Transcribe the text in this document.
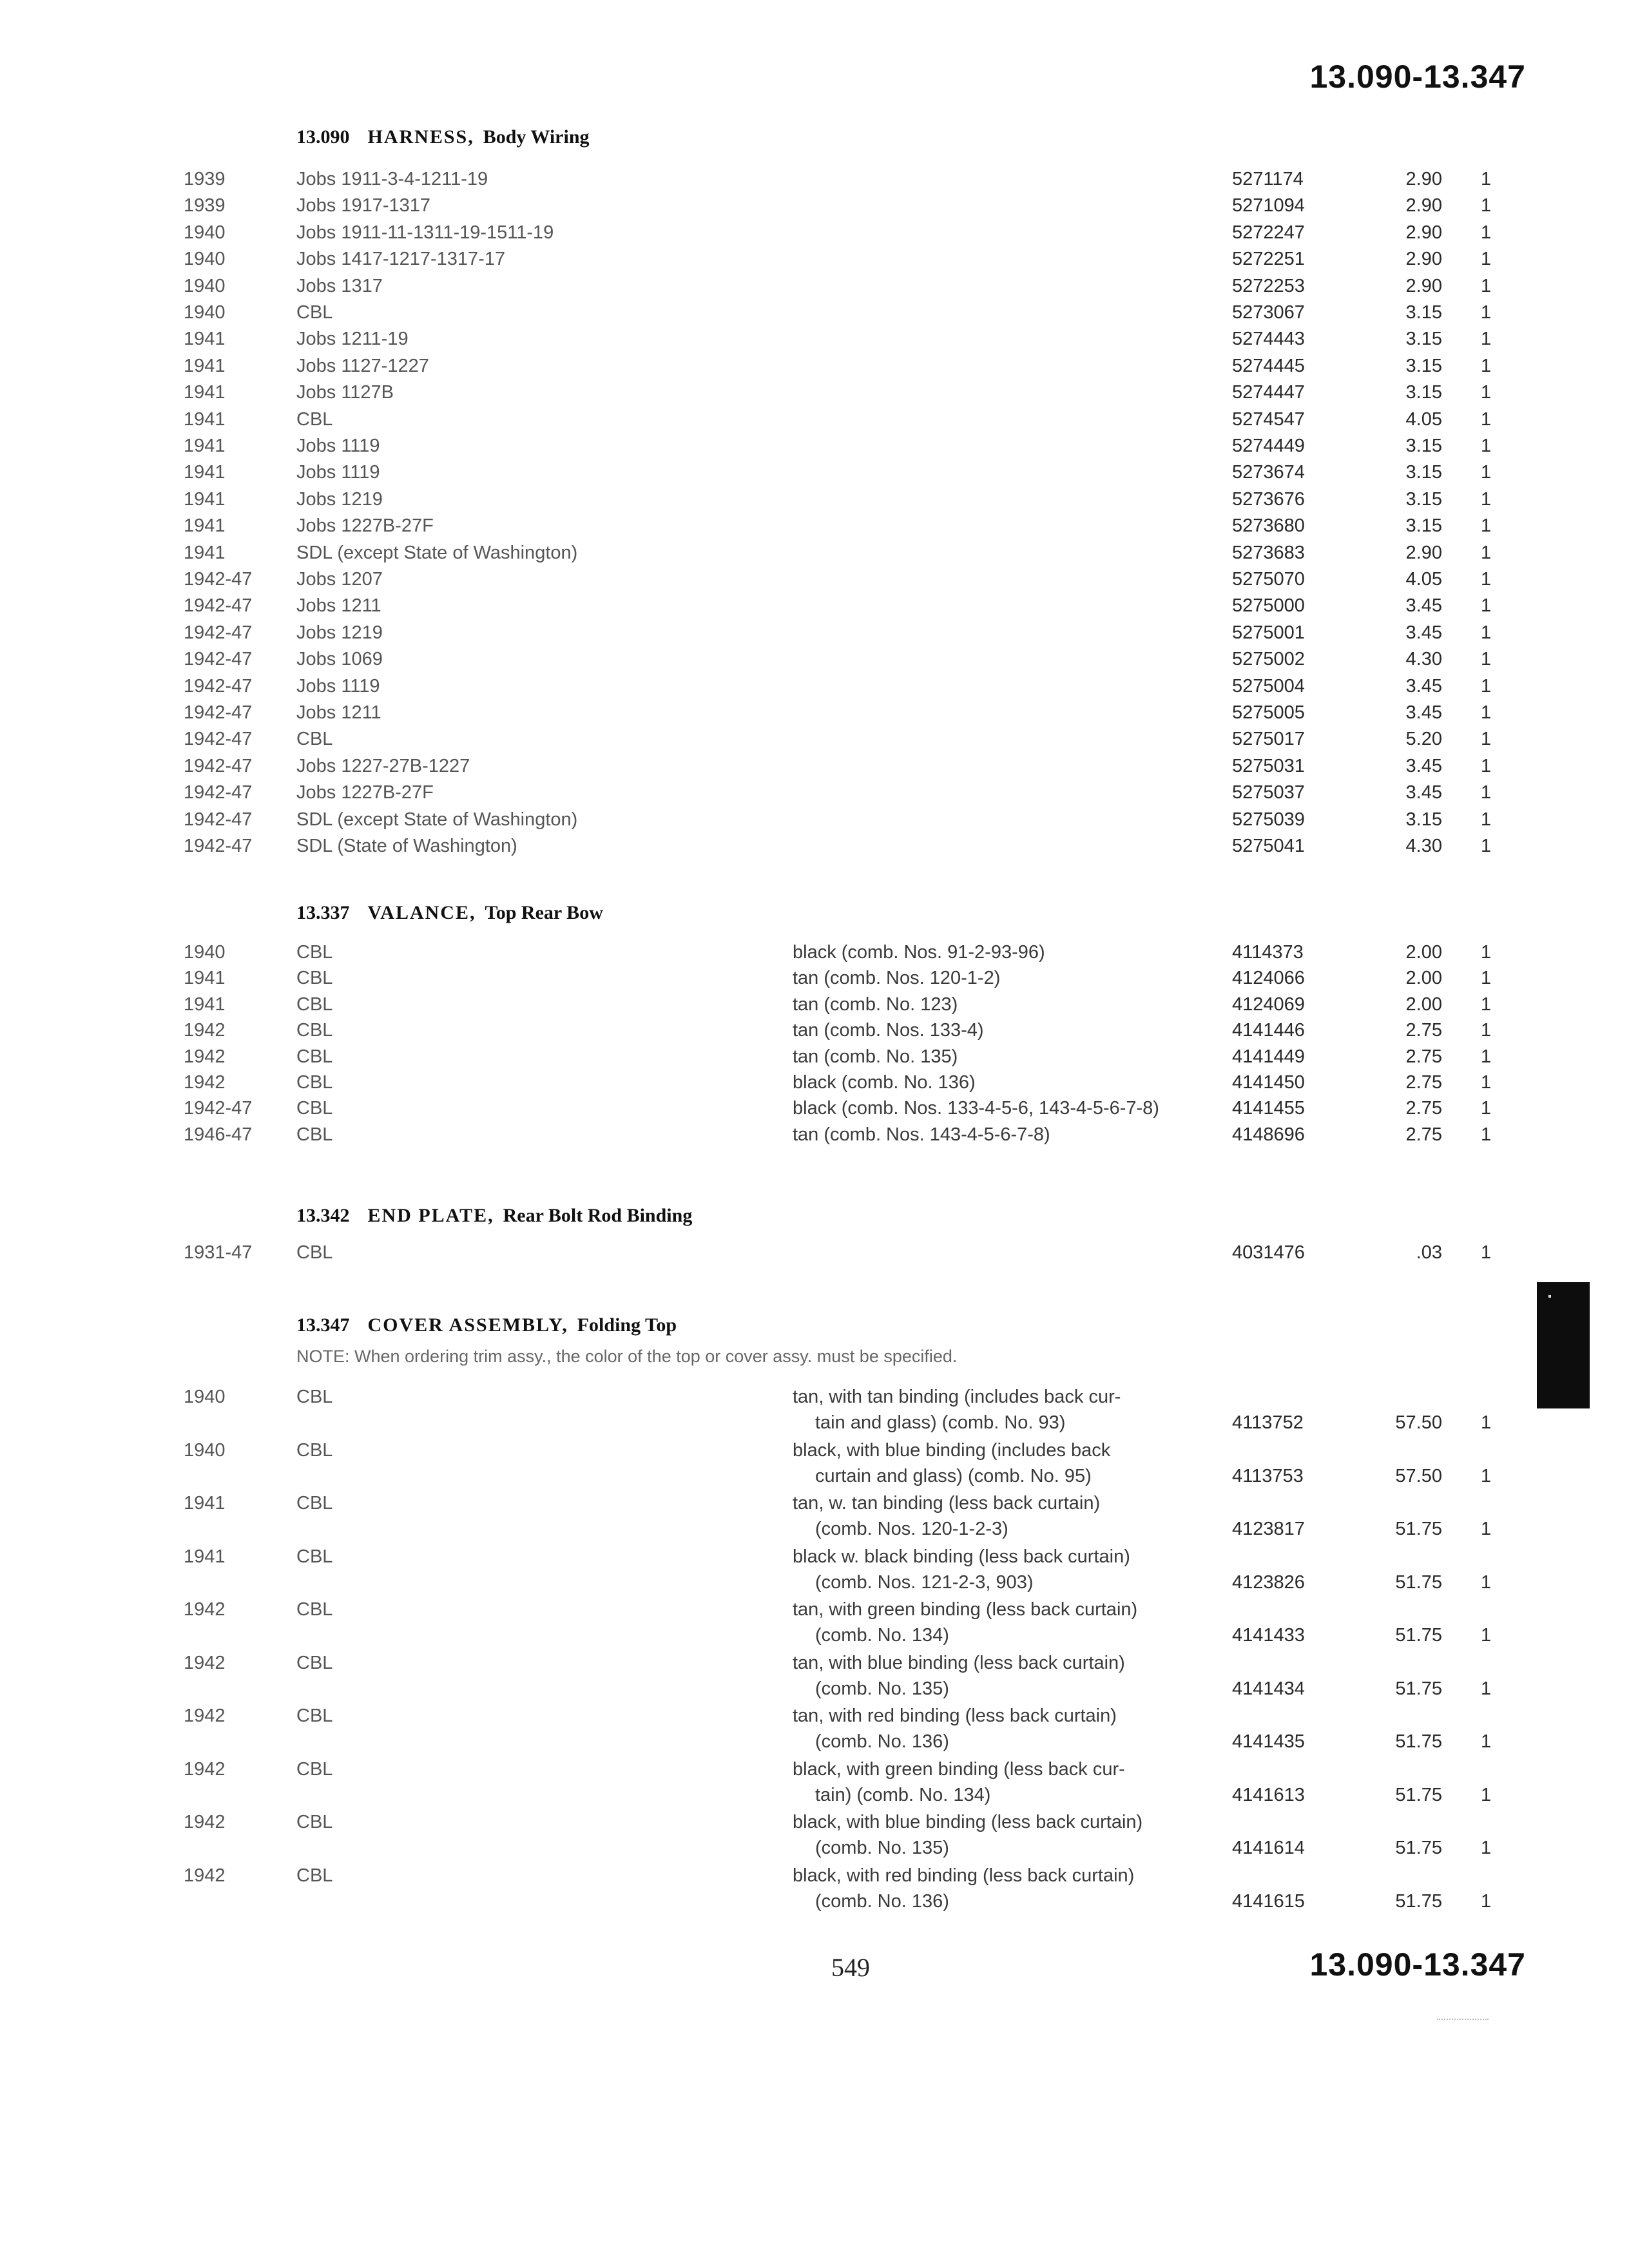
13.090-13.347
13.090 HARNESS, Body Wiring
1939	Jobs 1911-3-4-1211-19	5271174	2.90 1
1939	Jobs 1917-1317	5271094	2.90 1
1940	Jobs 1911-11-1311-19-1511-19	5272247	2.90 1
1940	Jobs 1417-1217-1317-17	5272251	2.90 1
1940	Jobs 1317	5272253	2.90 1
1940	CBL	5273067	3.15 1
1941	Jobs 1211-19	5274443	3.15 1
1941	Jobs 1127-1227	5274445	3.15 1
1941	Jobs 1127B	5274447	3.15 1
1941	CBL	5274547	4.05 1
1941	Jobs 1119	5274449	3.15 1
1941	Jobs 1119	5273674	3.15 1
1941	Jobs 1219	5273676	3.15 1
1941	Jobs 1227B-27F	5273680	3.15 1
1941	SDL (except State of Washington)	5273683	2.90 1
1942-47 Jobs 1207	5275070	4.05 1
1942-47 Jobs 1211	5275000	3.45 1
1942-47 Jobs 1219	5275001	3.45 1
1942-47 Jobs 1069	5275002	4.30 1
1942-47 Jobs 1119	5275004	3.45 1
1942-47 Jobs 1211	5275005	3.45 1
1942-47 CBL	5275017	5.20 1
1942-47 Jobs 1227-27B-1227	5275031	3.45 1
1942-47 Jobs 1227B-27F	5275037	3.45 1
1942-47 SDL (except State of Washington)	5275039	3.15 1
1942-47 SDL (State of Washington)	5275041	4.30 1
13.337 VALANCE, Top Rear Bow
1940	CBL	black (comb. Nos. 91-2-93-96)	4114373	2.00 1
1941	CBL	tan (comb. Nos. 120-1-2)	4124066	2.00 1
1941	CBL	tan (comb. No. 123)	4124069	2.00 1
1942	CBL	tan (comb. Nos. 133-4)	4141446	2.75 1
1942	CBL	tan (comb. No. 135)	4141449	2.75 1
1942	CBL	black (comb. No. 136)	4141450	2.75 1
1942-47 CBL	black (comb. Nos. 133-4-5-6, 143-4-5-6-7-8)	4141455	2.75 1
1946-47 CBL	tan (comb. Nos. 143-4-5-6-7-8)	4148696	2.75 1
13.342 END PLATE, Rear Bolt Rod Binding
1931-47 CBL	4031476	.03 1
13.347 COVER ASSEMBLY, Folding Top
NOTE: When ordering trim assy., the color of the top or cover assy. must be specified.
1940	CBL	tan, with tan binding (includes back cur-
tain and glass) (comb. No. 93)	4113752	57.50 1
1940	CBL	black, with blue binding (includes back
curtain and glass) (comb. No. 95)	4113753	57.50 1
1941	CBL	tan, w. tan binding (less back curtain)
(comb. Nos. 120-1-2-3)	4123817	51.75 1
1941	CBL	black w. black binding (less back curtain)
(comb. Nos. 121-2-3, 903)	4123826	51.75 1
1942	CBL	tan, with green binding (less back curtain)
(comb. No. 134)	4141433	51.75 1
1942	CBL	tan, with blue binding (less back curtain)
(comb. No. 135)	4141434	51.75 1
1942	CBL	tan, with red binding (less back curtain)
(comb. No. 136)	4141435	51.75 1
1942	CBL	black, with green binding (less back cur-
tain) (comb. No. 134)	4141613	51.75 1
1942	CBL	black, with blue binding (less back curtain)
(comb. No. 135)	4141614	51.75 1
1942	CBL	black, with red binding (less back curtain)
(comb. No. 136)	4141615	51.75 1
549	13.090-13.347
